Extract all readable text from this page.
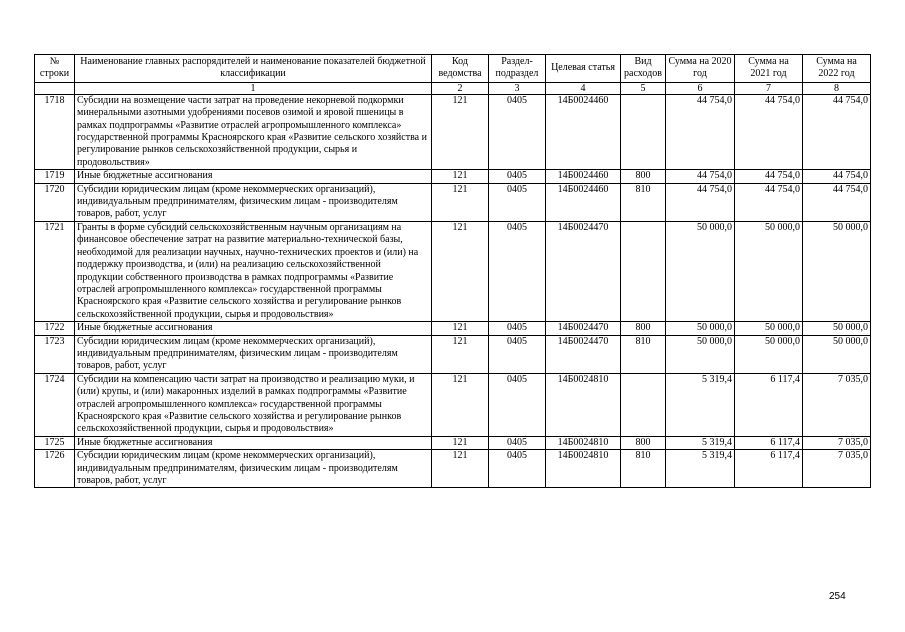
№ строки	Наименование главных распорядителей и наименование показателей бюджетной классификации	Код ведомства	Раздел-подраздел	Целевая статья	Вид расходов	Сумма на 2020 год	Сумма на 2021 год	Сумма на 2022 год
	1	2	3	4	5	6	7	8
1718	Субсидии на возмещение части затрат на проведение некорневой подкормки минеральными азотными удобрениями посевов озимой и яровой пшеницы в рамках подпрограммы «Развитие отраслей агропромышленного комплекса» государственной программы Красноярского края «Развитие сельского хозяйства и регулирование рынков сельскохозяйственной продукции, сырья и продовольствия»	121	0405	14Б0024460		44 754,0	44 754,0	44 754,0
1719	Иные бюджетные ассигнования	121	0405	14Б0024460	800	44 754,0	44 754,0	44 754,0
1720	Субсидии юридическим лицам (кроме некоммерческих организаций), индивидуальным предпринимателям, физическим лицам - производителям товаров, работ, услуг	121	0405	14Б0024460	810	44 754,0	44 754,0	44 754,0
1721	Гранты в форме субсидий сельскохозяйственным научным организациям на финансовое обеспечение затрат на развитие материально-технической базы, необходимой для реализации научных, научно-технических проектов и (или) на поддержку производства, и (или) на реализацию сельскохозяйственной продукции собственного производства в рамках подпрограммы «Развитие отраслей агропромышленного комплекса» государственной программы Красноярского края «Развитие сельского хозяйства и регулирование рынков сельскохозяйственной продукции, сырья и продовольствия»	121	0405	14Б0024470		50 000,0	50 000,0	50 000,0
1722	Иные бюджетные ассигнования	121	0405	14Б0024470	800	50 000,0	50 000,0	50 000,0
1723	Субсидии юридическим лицам (кроме некоммерческих организаций), индивидуальным предпринимателям, физическим лицам - производителям товаров, работ, услуг	121	0405	14Б0024470	810	50 000,0	50 000,0	50 000,0
1724	Субсидии на компенсацию части затрат на производство и реализацию муки, и (или) крупы, и (или) макаронных изделий в рамках подпрограммы «Развитие отраслей агропромышленного комплекса» государственной программы Красноярского края «Развитие сельского хозяйства и регулирование рынков сельскохозяйственной продукции, сырья и продовольствия»	121	0405	14Б0024810		5 319,4	6 117,4	7 035,0
1725	Иные бюджетные ассигнования	121	0405	14Б0024810	800	5 319,4	6 117,4	7 035,0
1726	Субсидии юридическим лицам (кроме некоммерческих организаций), индивидуальным предпринимателям, физическим лицам - производителям товаров, работ, услуг	121	0405	14Б0024810	810	5 319,4	6 117,4	7 035,0
254
